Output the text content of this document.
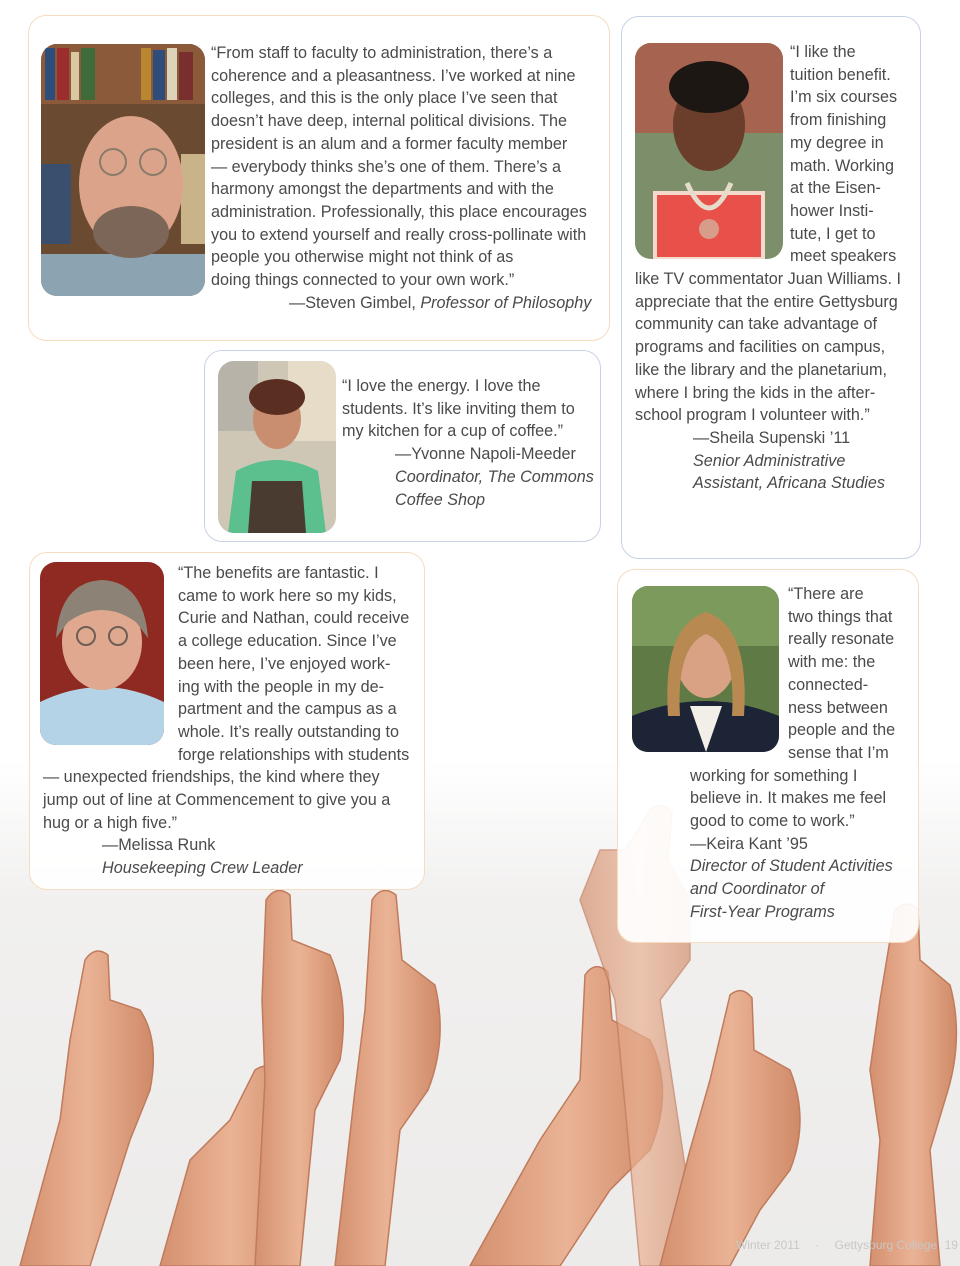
“From staff to faculty to administration, there’s a
coherence and a pleasantness. I’ve worked at nine
colleges, and this is the only place I’ve seen that
doesn’t have deep, internal political divisions. The
president is an alum and a former faculty member
— everybody thinks she’s one of them. There’s a
harmony amongst the departments and with the
administration. Professionally, this place encourages
you to extend yourself and really cross-pollinate with
people you otherwise might not think of as
doing things connected to your own work.”
—Steven Gimbel, Professor of Philosophy
“I like the
tuition benefit.
I’m six courses
from finishing
my degree in
math. Working
at the Eisen-
hower Insti-
tute, I get to
meet speakers
like TV commentator Juan Williams. I
appreciate that the entire Gettysburg
community can take advantage of
programs and facilities on campus,
like the library and the planetarium,
where I bring the kids in the after-
school program I volunteer with.”
—Sheila Supenski ’11
Senior Administrative
Assistant, Africana Studies
“I love the energy. I love the
students. It’s like inviting them to
my kitchen for a cup of coffee.”
—Yvonne Napoli-Meeder
Coordinator, The Commons
Coffee Shop
“The benefits are fantastic. I
came to work here so my kids,
Curie and Nathan, could receive
a college education. Since I’ve
been here, I’ve enjoyed work-
ing with the people in my de-
partment and the campus as a
whole. It’s really outstanding to
forge relationships with students
— unexpected friendships, the kind where they
jump out of line at Commencement to give you a
hug or a high five.”
—Melissa Runk
Housekeeping Crew Leader
“There are
two things that
really resonate
with me: the
connected-
ness between
people and the
sense that I’m
working for something I
believe in. It makes me feel
good to come to work.”
—Keira Kant ’95
Director of Student Activities
and Coordinator of
First-Year Programs
Winter 2011 · Gettysburg College 19
